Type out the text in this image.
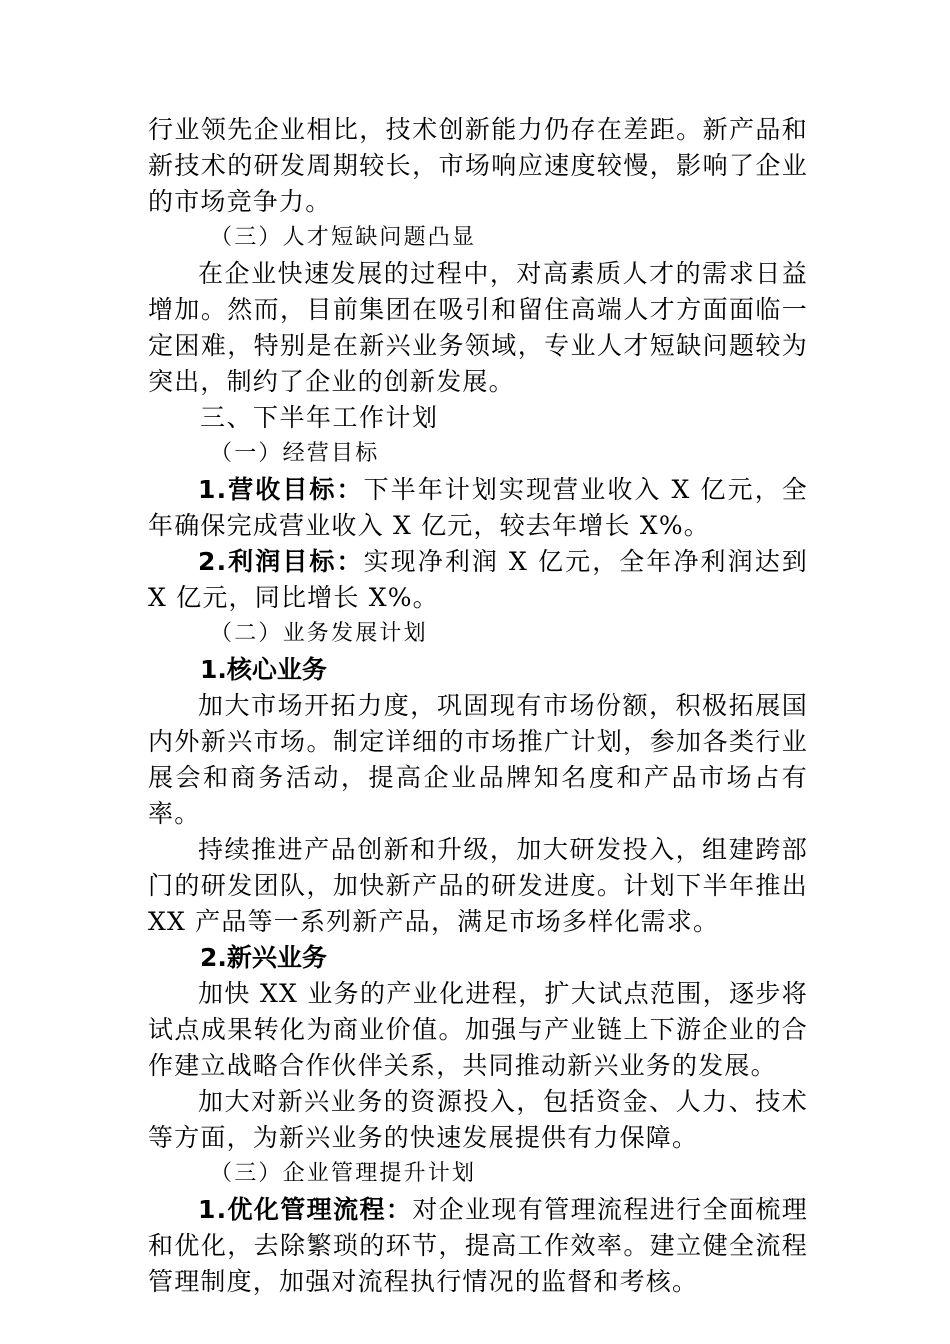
行业领先企业相比，技术创新能力仍存在差距。新产品和新技术的研发周期较长，市场响应速度较慢，影响了企业的市场竞争力。

（三）人才短缺问题凸显

在企业快速发展的过程中，对高素质人才的需求日益增加。然而，目前集团在吸引和留住高端人才方面面临一定困难，特别是在新兴业务领域，专业人才短缺问题较为突出，制约了企业的创新发展。

三、下半年工作计划
（一）经营目标

1.营收目标：下半年计划实现营业收入 X 亿元，全年确保完成营业收入 X 亿元，较去年增长 X%。

2.利润目标：实现净利润 X 亿元，全年净利润达到 X 亿元，同比增长 X%。

（二）业务发展计划
1.核心业务

加大市场开拓力度，巩固现有市场份额，积极拓展国内外新兴市场。制定详细的市场推广计划，参加各类行业展会和商务活动，提高企业品牌知名度和产品市场占有率。

持续推进产品创新和升级，加大研发投入，组建跨部门的研发团队，加快新产品的研发进度。计划下半年推出 XX 产品等一系列新产品，满足市场多样化需求。

2.新兴业务

加快 XX 业务的产业化进程，扩大试点范围，逐步将试点成果转化为商业价值。加强与产业链上下游企业的合作建立战略合作伙伴关系，共同推动新兴业务的发展。

加大对新兴业务的资源投入，包括资金、人力、技术等方面，为新兴业务的快速发展提供有力保障。

（三）企业管理提升计划

1.优化管理流程：对企业现有管理流程进行全面梳理和优化，去除繁琐的环节，提高工作效率。建立健全流程管理制度，加强对流程执行情况的监督和考核。
